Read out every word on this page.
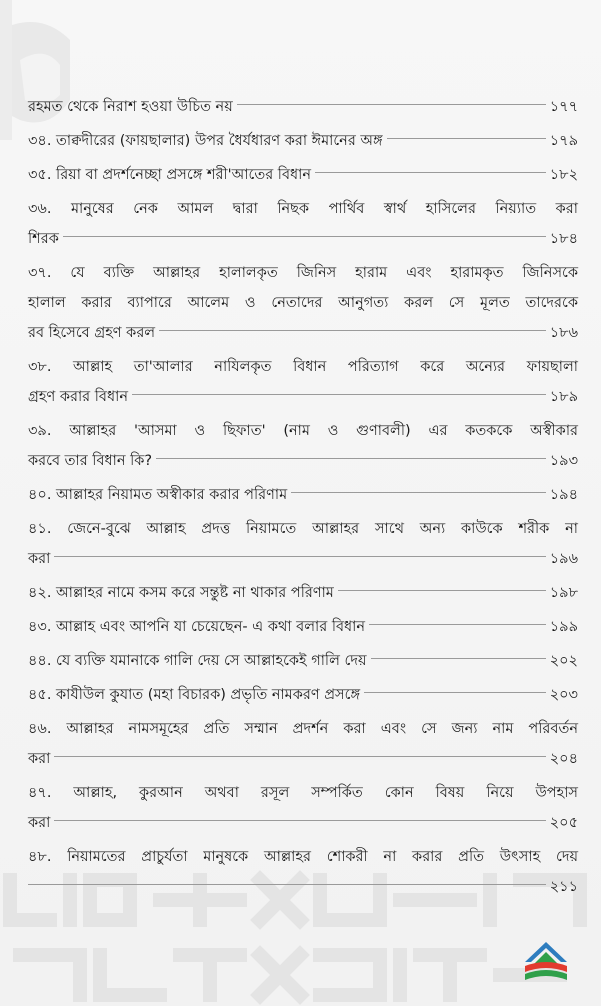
রহমত থেকে নিরাশ হওয়া উচিত নয়	১৭৭
৩৪. তাক্বদীরের (ফায়ছালার) উপর ধৈর্যধারণ করা ঈমানের অঙ্গ	১৭৯
৩৫. রিয়া বা প্রদর্শনেচ্ছা প্রসঙ্গে শরী'আতের বিধান	১৮২
৩৬. মানুষের নেক আমল দ্বারা নিছক পার্থিব স্বার্থ হাসিলের নিয়্যাত করা
শিরক	১৮৪
৩৭. যে ব্যক্তি আল্লাহর হালালকৃত জিনিস হারাম এবং হারামকৃত জিনিসকে
হালাল করার ব্যাপারে আলেম ও নেতাদের আনুগত্য করল সে মূলত তাদেরকে
রব হিসেবে গ্রহণ করল	১৮৬
৩৮. আল্লাহ তা'আলার নাযিলকৃত বিধান পরিত্যাগ করে অন্যের ফায়ছালা
গ্রহণ করার বিধান	১৮৯
৩৯. আল্লাহর 'আসমা ও ছিফাত' (নাম ও গুণাবলী) এর কতককে অস্বীকার
করবে তার বিধান কি?	১৯৩
৪০. আল্লাহর নিয়ামত অস্বীকার করার পরিণাম	১৯৪
৪১. জেনে-বুঝে আল্লাহ প্রদত্ত নিয়ামতে আল্লাহর সাথে অন্য কাউকে শরীক না
করা	১৯৬
৪২. আল্লাহর নামে কসম করে সন্তুষ্ট না থাকার পরিণাম	১৯৮
৪৩. আল্লাহ এবং আপনি যা চেয়েছেন- এ কথা বলার বিধান	১৯৯
৪৪. যে ব্যক্তি যমানাকে গালি দেয় সে আল্লাহকেই গালি দেয়	২০২
৪৫. কাযীউল কুযাত (মহা বিচারক) প্রভৃতি নামকরণ প্রসঙ্গে	২০৩
৪৬. আল্লাহর নামসমূহের প্রতি সম্মান প্রদর্শন করা এবং সে জন্য নাম পরিবর্তন
করা	২০৪
৪৭. আল্লাহ, কুরআন অথবা রসূল সম্পর্কিত কোন বিষয় নিয়ে উপহাস
করা	২০৫
৪৮. নিয়ামতের প্রাচুর্যতা মানুষকে আল্লাহর শোকরী না করার প্রতি উৎসাহ দেয়
২১১
